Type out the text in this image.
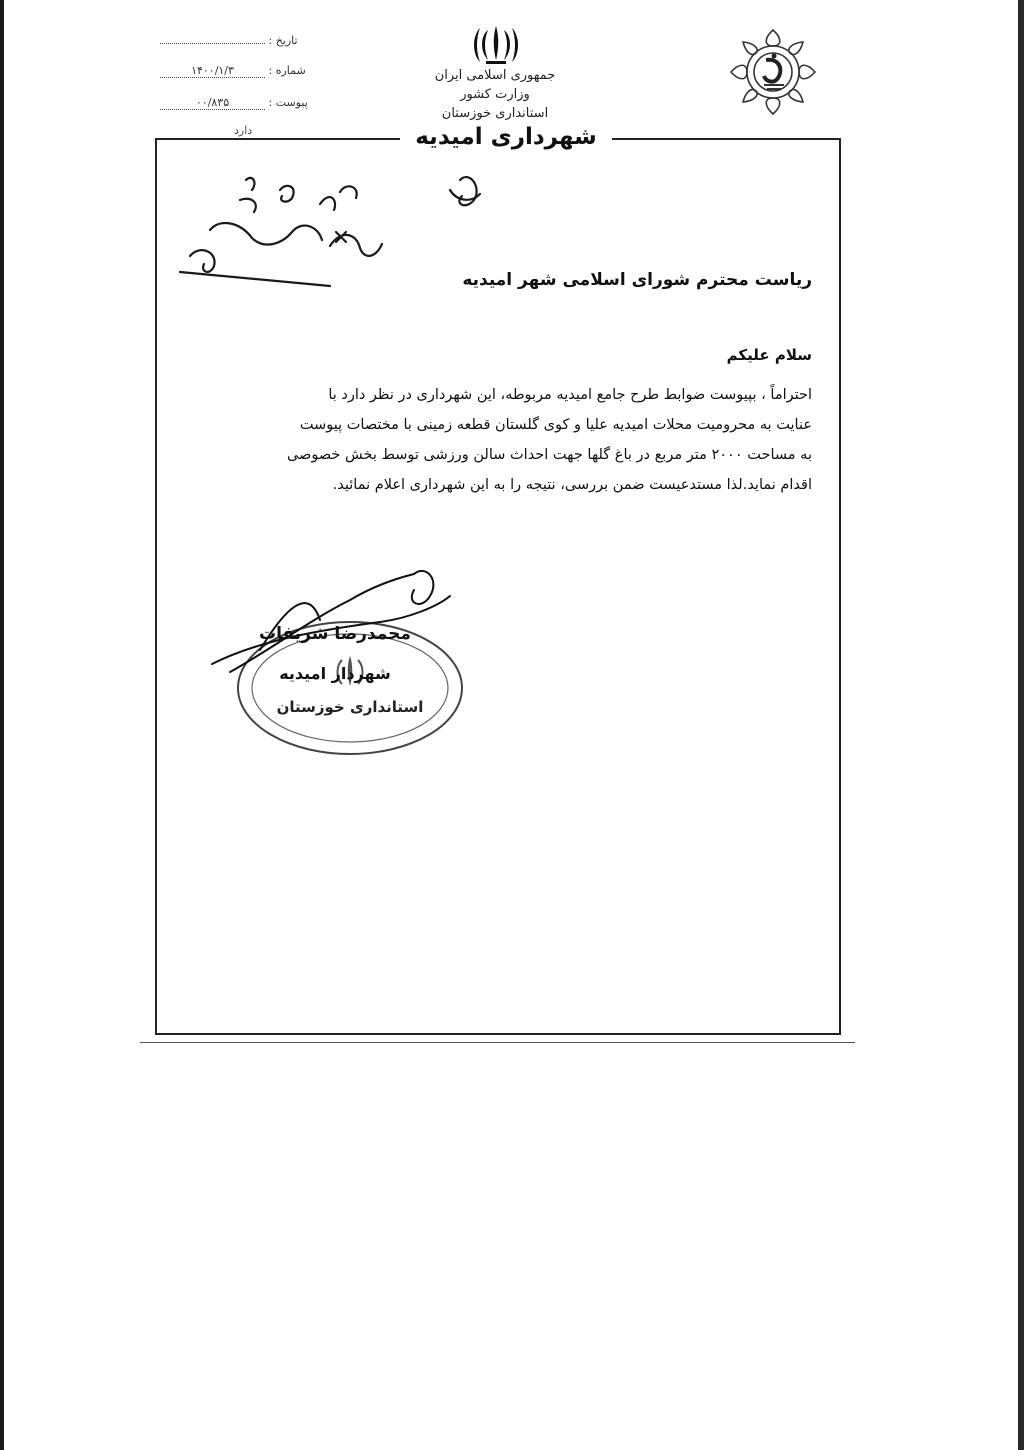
تاریخ :
شماره : ۱۴۰۰/۱/۳
پیوست : ۰۰/۸۳۵
دارد
جمهوری اسلامی ایران
وزارت کشور
استانداری خوزستان
شهرداری امیدیه
ریاست محترم شورای اسلامی شهر امیدیه
سلام علیکم

احتراماً ، بپیوست ضوابط طرح جامع امیدیه مربوطه، این شهرداری در نظر دارد با

عنایت به محرومیت محلات امیدیه علیا و کوی گلستان قطعه زمینی با مختصات پیوست

به مساحت ۲۰۰۰ متر مربع در باغ گلها جهت احداث سالن ورزشی توسط بخش خصوصی

اقدام نماید.لذا مستدعیست ضمن بررسی، نتیجه را به این شهرداری اعلام نمائید.

محمدرضا شریفات
شهردار امیدیه
استانداری خوزستان
